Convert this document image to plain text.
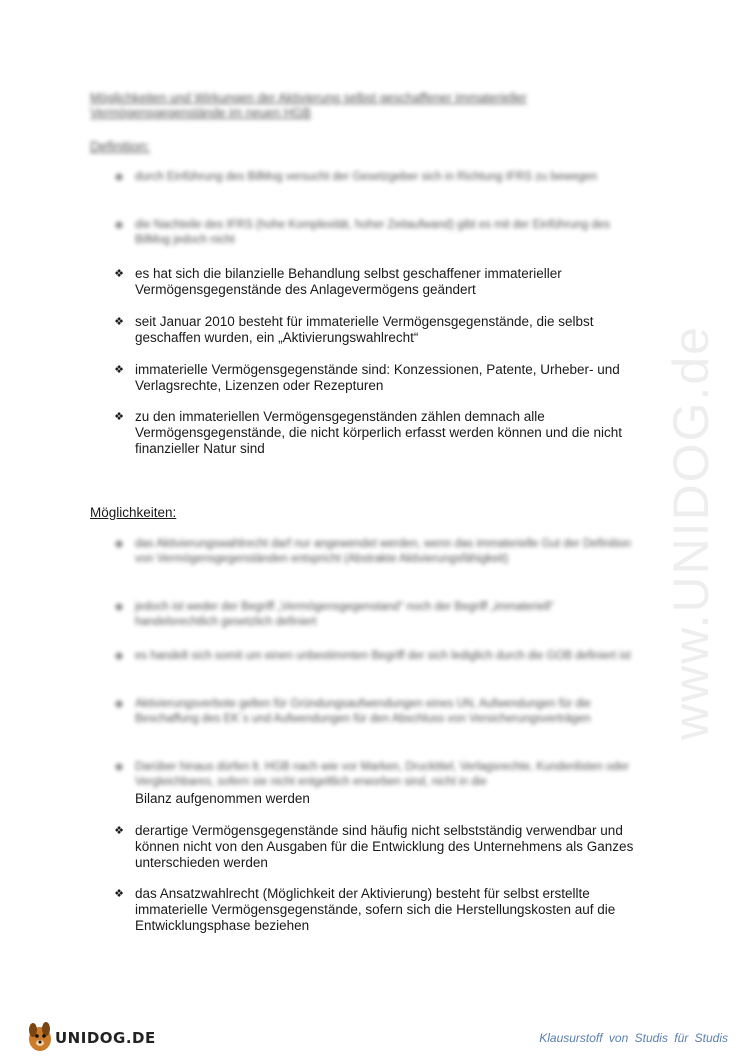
www.UNIDOG.de
Möglichkeiten und Wirkungen der Aktivierung selbst geschaffener immaterieller Vermögensgegenstände im neuen HGB
Definition:
❖ durch Einführung des BilMog versucht der Gesetzgeber sich in Richtung IFRS zu bewegen
❖ die Nachteile des IFRS (hohe Komplexität, hoher Zeitaufwand) gibt es mit der Einführung des BilMog jedoch nicht
❖ es hat sich die bilanzielle Behandlung selbst geschaffener immaterieller Vermögensgegenstände des Anlagevermögens geändert
❖ seit Januar 2010 besteht für immaterielle Vermögensgegenstände, die selbst geschaffen wurden, ein „Aktivierungswahlrecht“
❖ immaterielle Vermögensgegenstände sind: Konzessionen, Patente, Urheber- und Verlagsrechte, Lizenzen oder Rezepturen
❖ zu den immateriellen Vermögensgegenständen zählen demnach alle Vermögensgegenstände, die nicht körperlich erfasst werden können und die nicht finanzieller Natur sind
Möglichkeiten:
❖ das Aktivierungswahlrecht darf nur angewendet werden, wenn das immaterielle Gut der Definition von Vermögensgegenständen entspricht (Abstrakte Aktivierungsfähigkeit)
❖ jedoch ist weder der Begriff „Vermögensgegenstand“ noch der Begriff „immateriell“ handelsrechtlich gesetzlich definiert
❖ es handelt sich somit um einen unbestimmten Begriff der sich lediglich durch die GOB definiert ist
❖ Aktivierungsverbote gelten für Gründungsaufwendungen eines UN, Aufwendungen für die Beschaffung des EK´s und Aufwendungen für den Abschluss von Versicherungsverträgen
❖ Darüber hinaus dürfen lt. HGB nach wie vor Marken, Drucktitel, Verlagsrechte, Kundenlisten oder Vergleichbares, sofern sie nicht entgeltlich erworben sind, nicht in die
Bilanz aufgenommen werden
❖ derartige Vermögensgegenstände sind häufig nicht selbstständig verwendbar und können nicht von den Ausgaben für die Entwicklung des Unternehmens als Ganzes unterschieden werden
❖ das Ansatzwahlrecht (Möglichkeit der Aktivierung) besteht für selbst erstellte immaterielle Vermögensgegenstände, sofern sich die Herstellungskosten auf die Entwicklungsphase beziehen
UNIDOG.DE	Klausurstoff von Studis für Studis
